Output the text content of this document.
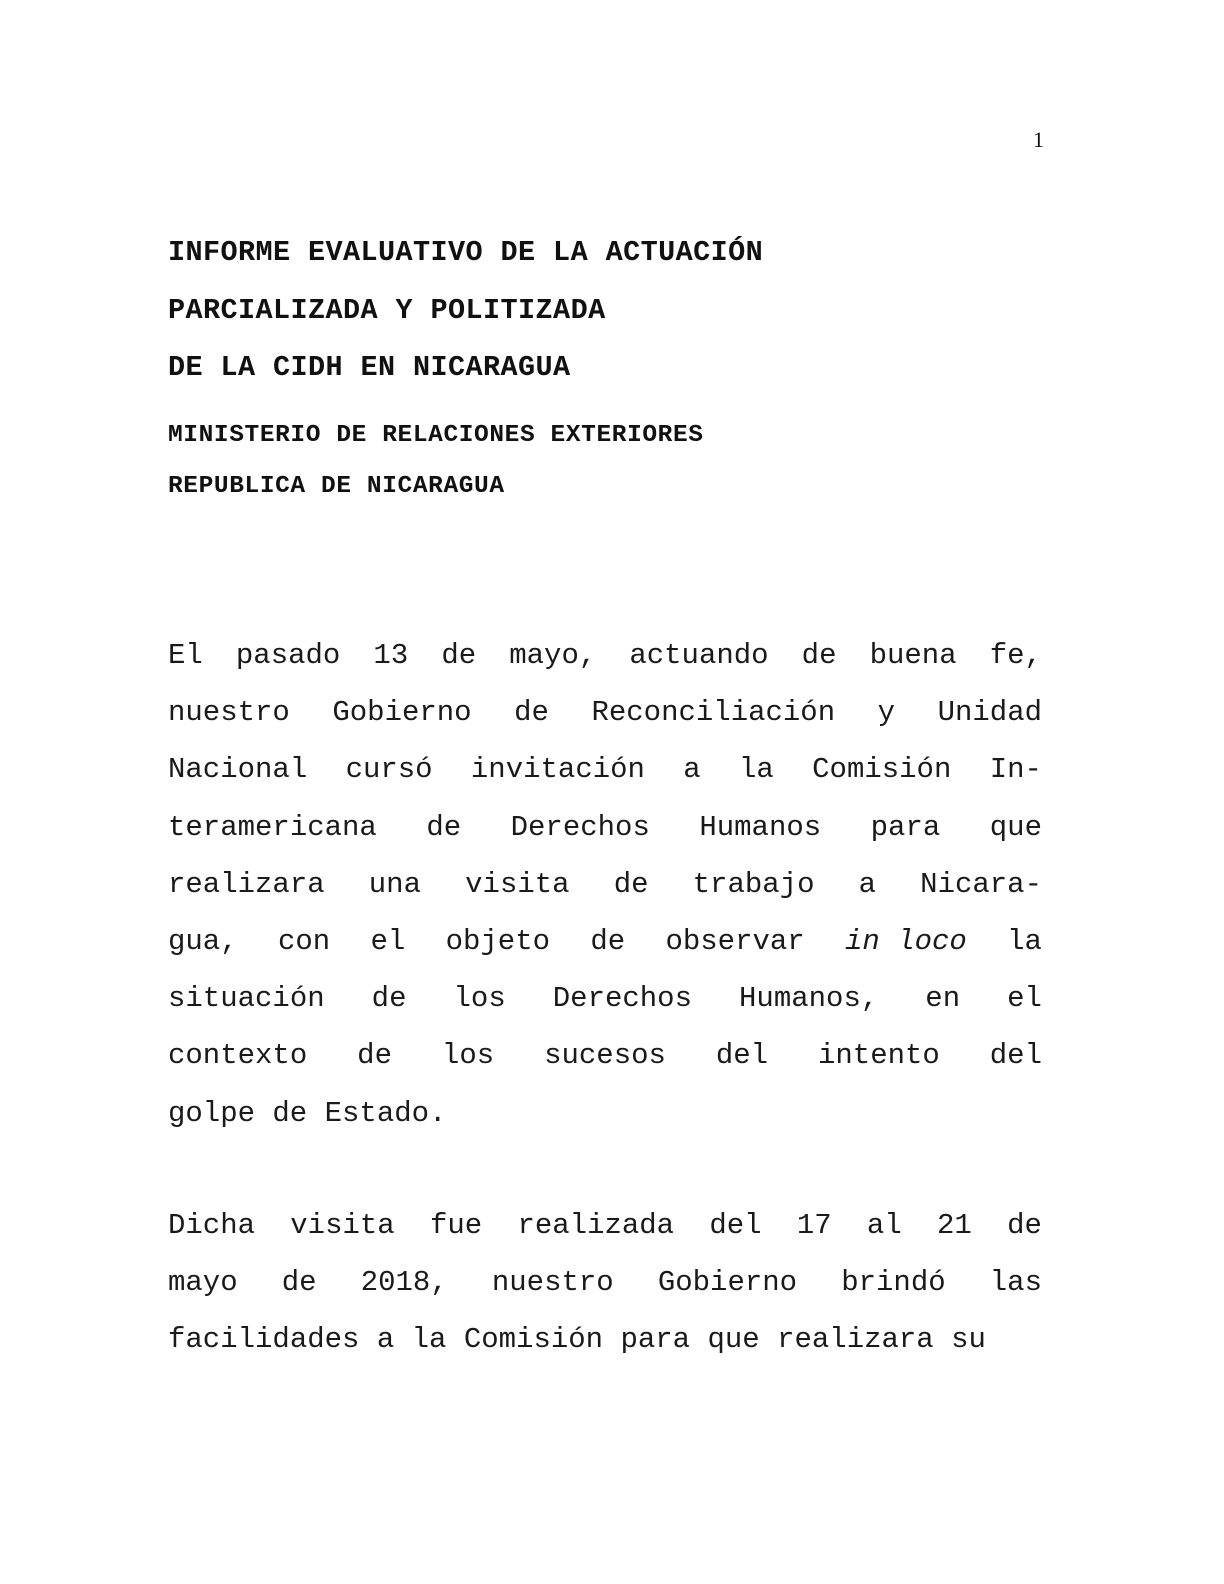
1
INFORME EVALUATIVO DE LA ACTUACIÓN
PARCIALIZADA Y POLITIZADA
DE LA CIDH EN NICARAGUA
MINISTERIO DE RELACIONES EXTERIORES
REPUBLICA DE NICARAGUA
El pasado 13 de mayo, actuando de buena fe,
nuestro Gobierno de Reconciliación y Unidad
Nacional cursó invitación a la Comisión In-
teramericana de Derechos Humanos para que
realizara una visita de trabajo a Nicara-
gua, con el objeto de observar in loco la
situación de los Derechos Humanos, en el
contexto de los sucesos del intento del
golpe de Estado.
Dicha visita fue realizada del 17 al 21 de
mayo de 2018, nuestro Gobierno brindó las
facilidades a la Comisión para que realizara su
